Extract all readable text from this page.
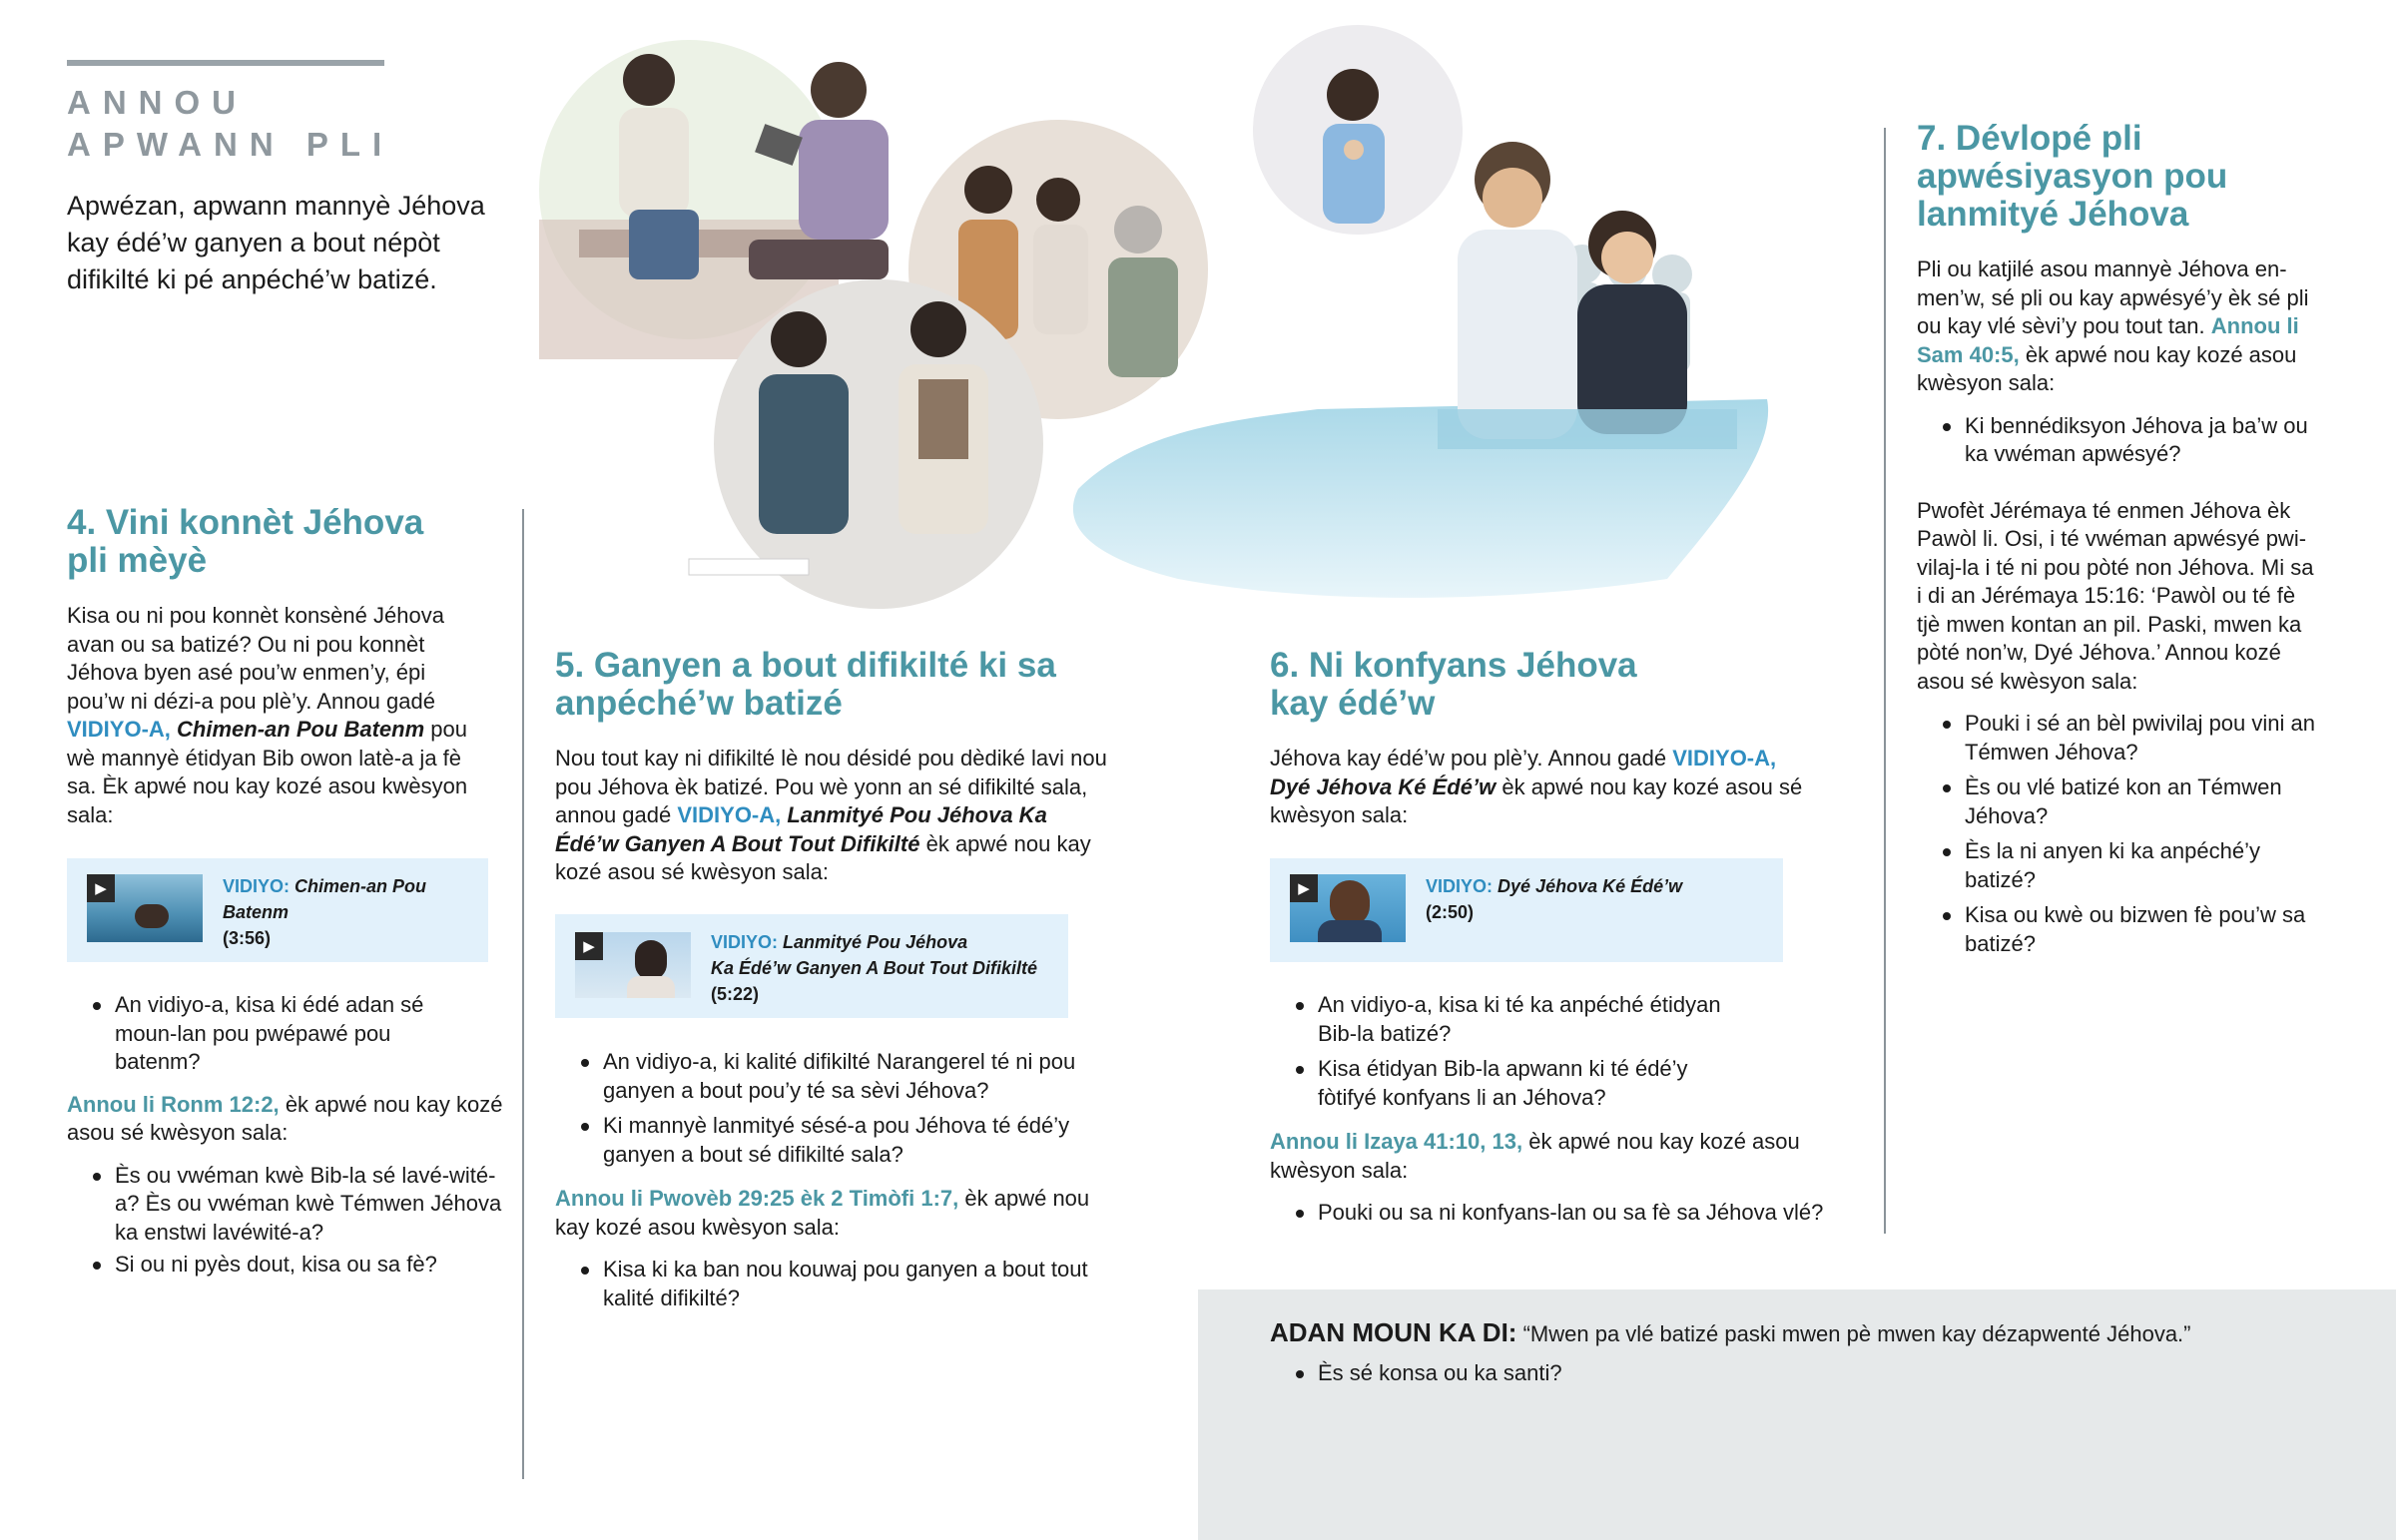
ANNOU
APWANN PLI
Apwézan, apwann mannyè Jéhova kay édé’w ganyen a bout népòt difikilté ki pé anpéché’w batizé.
4. Vini konnèt Jéhova
pli mèyè
Kisa ou ni pou konnèt konsèné Jéhova avan ou sa batizé? Ou ni pou konnèt Jéhova byen asé pou’w enmen’y, épi pou’w ni dézi-a pou plè’y. Annou gadé VIDIYO-A, Chimen-an Pou Batenm pou wè mannyè étidyan Bib owon latè-a ja fè sa. Èk apwé nou kay kozé asou kwèsyon sala:
▶	VIDIYO: Chimen-an Pou Batenm
(3:56)
An vidiyo-a, kisa ki édé adan sé moun-lan pou pwépawé pou batenm?
Annou li Ronm 12:2, èk apwé nou kay kozé asou sé kwèsyon sala:
Ès ou vwéman kwè Bib-la sé lavé-wité-a? Ès ou vwéman kwè Témwen Jéhova ka enstwi lavéwité-a?
Si ou ni pyès dout, kisa ou sa fè?
5. Ganyen a bout difikilté ki sa
anpéché’w batizé
Nou tout kay ni difikilté lè nou désidé pou dèdiké lavi nou pou Jéhova èk batizé. Pou wè yonn an sé difikilté sala, annou gadé VIDIYO-A, Lanmityé Pou Jéhova Ka Édé’w Ganyen A Bout Tout Difikilté èk apwé nou kay kozé asou sé kwèsyon sala:
▶	VIDIYO: Lanmityé Pou Jéhova
Ka Édé’w Ganyen A Bout Tout Difikilté
(5:22)
An vidiyo-a, ki kalité difikilté Narangerel té ni pou ganyen a bout pou’y té sa sèvi Jéhova?
Ki mannyè lanmityé sésé-a pou Jéhova té édé’y ganyen a bout sé difikilté sala?
Annou li Pwovèb 29:25 èk 2 Timòfi 1:7, èk apwé nou kay kozé asou kwèsyon sala:
Kisa ki ka ban nou kouwaj pou ganyen a bout tout kalité difikilté?
6. Ni konfyans Jéhova
kay édé’w
Jéhova kay édé’w pou plè’y. Annou gadé VIDIYO-A, Dyé Jéhova Ké Édé’w èk apwé nou kay kozé asou sé kwèsyon sala:
▶	VIDIYO: Dyé Jéhova Ké Édé’w
(2:50)
An vidiyo-a, kisa ki té ka anpéché étidyan Bib-la batizé?
Kisa étidyan Bib-la apwann ki té édé’y fòtifyé konfyans li an Jéhova?
Annou li Izaya 41:10, 13, èk apwé nou kay kozé asou kwèsyon sala:
Pouki ou sa ni konfyans-lan ou sa fè sa Jéhova vlé?
7. Dévlopé pli
apwésiyasyon pou
lanmityé Jéhova
Pli ou katjilé asou mannyè Jéhova en-men’w, sé pli ou kay apwésyé’y èk sé pli ou kay vlé sèvi’y pou tout tan. Annou li Sam 40:5, èk apwé nou kay kozé asou kwèsyon sala:
Ki bennédiksyon Jéhova ja ba’w ou ka vwéman apwésyé?
Pwofèt Jérémaya té enmen Jéhova èk Pawòl li. Osi, i té vwéman apwésyé pwi-vilaj-la i té ni pou pòté non Jéhova. Mi sa i di an Jérémaya 15:16: ‘Pawòl ou té fè tjè mwen kontan an pil. Paski, mwen ka pòté non’w, Dyé Jéhova.’ Annou kozé asou sé kwèsyon sala:
Pouki i sé an bèl pwivilaj pou vini an Témwen Jéhova?
Ès ou vlé batizé kon an Témwen Jéhova?
Ès la ni anyen ki ka anpéché’y batizé?
Kisa ou kwè ou bizwen fè pou’w sa batizé?
ADAN MOUN KA DI: “Mwen pa vlé batizé paski mwen pè mwen kay dézapwenté Jéhova.”
Ès sé konsa ou ka santi?
